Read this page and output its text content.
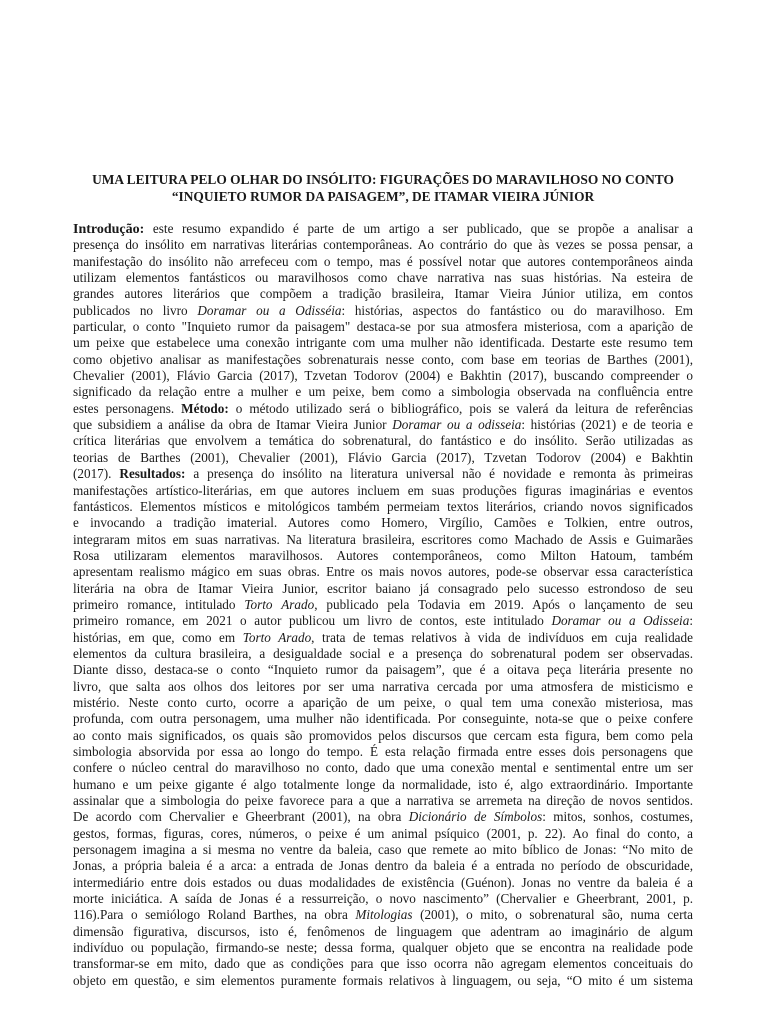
UMA LEITURA PELO OLHAR DO INSÓLITO: FIGURAÇÕES DO MARAVILHOSO NO CONTO
“INQUIETO RUMOR DA PAISAGEM”, DE ITAMAR VIEIRA JÚNIOR
Introdução: este resumo expandido é parte de um artigo a ser publicado, que se propõe a analisar a
presença do insólito em narrativas literárias contemporâneas. Ao contrário do que às vezes se possa pensar, a
manifestação do insólito não arrefeceu com o tempo, mas é possível notar que autores contemporâneos ainda
utilizam elementos fantásticos ou maravilhosos como chave narrativa nas suas histórias. Na esteira de
grandes autores literários que compõem a tradição brasileira, Itamar Vieira Júnior utiliza, em contos
publicados no livro Doramar ou a Odisséia: histórias, aspectos do fantástico ou do maravilhoso. Em
particular, o conto "Inquieto rumor da paisagem" destaca-se por sua atmosfera misteriosa, com a aparição de
um peixe que estabelece uma conexão intrigante com uma mulher não identificada. Destarte este resumo tem
como objetivo analisar as manifestações sobrenaturais nesse conto, com base em teorias de Barthes (2001),
Chevalier (2001), Flávio Garcia (2017), Tzvetan Todorov (2004) e Bakhtin (2017), buscando compreender o
significado da relação entre a mulher e um peixe, bem como a simbologia observada na confluência entre
estes personagens. Método: o método utilizado será o bibliográfico, pois se valerá da leitura de referências
que subsidiem a análise da obra de Itamar Vieira Junior Doramar ou a odisseia: histórias (2021) e de teoria e
crítica literárias que envolvem a temática do sobrenatural, do fantástico e do insólito. Serão utilizadas as
teorias de Barthes (2001), Chevalier (2001), Flávio Garcia (2017), Tzvetan Todorov (2004) e Bakhtin
(2017). Resultados: a presença do insólito na literatura universal não é novidade e remonta às primeiras
manifestações artístico-literárias, em que autores incluem em suas produções figuras imaginárias e eventos
fantásticos. Elementos místicos e mitológicos também permeiam textos literários, criando novos significados
e invocando a tradição imaterial. Autores como Homero, Virgílio, Camões e Tolkien, entre outros,
integraram mitos em suas narrativas. Na literatura brasileira, escritores como Machado de Assis e Guimarães
Rosa utilizaram elementos maravilhosos. Autores contemporâneos, como Milton Hatoum, também
apresentam realismo mágico em suas obras. Entre os mais novos autores, pode-se observar essa característica
literária na obra de Itamar Vieira Junior, escritor baiano já consagrado pelo sucesso estrondoso de seu
primeiro romance, intitulado Torto Arado, publicado pela Todavia em 2019. Após o lançamento de seu
primeiro romance, em 2021 o autor publicou um livro de contos, este intitulado Doramar ou a Odisseia:
histórias, em que, como em Torto Arado, trata de temas relativos à vida de indivíduos em cuja realidade
elementos da cultura brasileira, a desigualdade social e a presença do sobrenatural podem ser observadas.
Diante disso, destaca-se o conto “Inquieto rumor da paisagem”, que é a oitava peça literária presente no
livro, que salta aos olhos dos leitores por ser uma narrativa cercada por uma atmosfera de misticismo e
mistério. Neste conto curto, ocorre a aparição de um peixe, o qual tem uma conexão misteriosa, mas
profunda, com outra personagem, uma mulher não identificada. Por conseguinte, nota-se que o peixe confere
ao conto mais significados, os quais são promovidos pelos discursos que cercam esta figura, bem como pela
simbologia absorvida por essa ao longo do tempo. É esta relação firmada entre esses dois personagens que
confere o núcleo central do maravilhoso no conto, dado que uma conexão mental e sentimental entre um ser
humano e um peixe gigante é algo totalmente longe da normalidade, isto é, algo extraordinário. Importante
assinalar que a simbologia do peixe favorece para a que a narrativa se arremeta na direção de novos sentidos.
De acordo com Chervalier e Gheerbrant (2001), na obra Dicionário de Símbolos: mitos, sonhos, costumes,
gestos, formas, figuras, cores, números, o peixe é um animal psíquico (2001, p. 22). Ao final do conto, a
personagem imagina a si mesma no ventre da baleia, caso que remete ao mito bíblico de Jonas: “No mito de
Jonas, a própria baleia é a arca: a entrada de Jonas dentro da baleia é a entrada no período de obscuridade,
intermediário entre dois estados ou duas modalidades de existência (Guénon). Jonas no ventre da baleia é a
morte iniciática. A saída de Jonas é a ressurreição, o novo nascimento” (Chervalier e Gheerbrant, 2001, p.
116).Para o semiólogo Roland Barthes, na obra Mitologias (2001), o mito, o sobrenatural são, numa certa
dimensão figurativa, discursos, isto é, fenômenos de linguagem que adentram ao imaginário de algum
indivíduo ou população, firmando-se neste; dessa forma, qualquer objeto que se encontra na realidade pode
transformar-se em mito, dado que as condições para que isso ocorra não agregam elementos conceituais do
objeto em questão, e sim elementos puramente formais relativos à linguagem, ou seja, “O mito é um sistema
